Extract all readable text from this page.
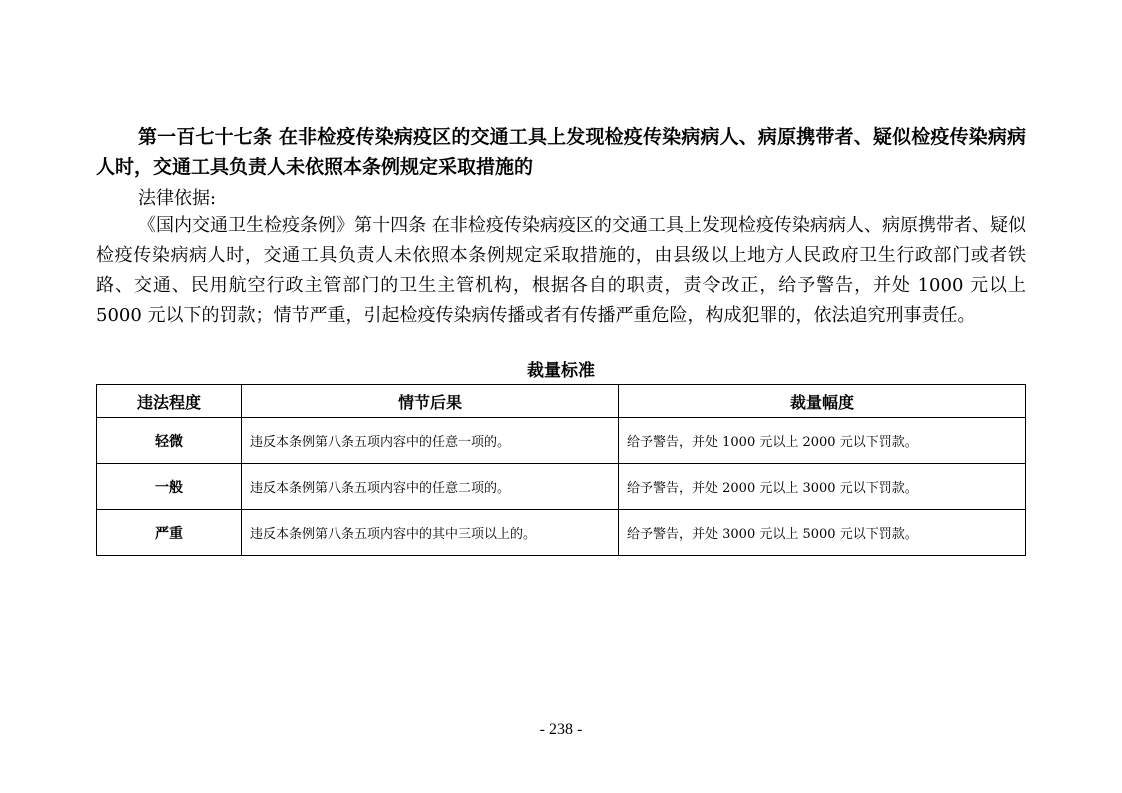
第一百七十七条 在非检疫传染病疫区的交通工具上发现检疫传染病病人、病原携带者、疑似检疫传染病病人时，交通工具负责人未依照本条例规定采取措施的

法律依据:

《国内交通卫生检疫条例》第十四条 在非检疫传染病疫区的交通工具上发现检疫传染病病人、病原携带者、疑似检疫传染病病人时，交通工具负责人未依照本条例规定采取措施的，由县级以上地方人民政府卫生行政部门或者铁路、交通、民用航空行政主管部门的卫生主管机构，根据各自的职责，责令改正，给予警告，并处 1000 元以上 5000 元以下的罚款；情节严重，引起检疫传染病传播或者有传播严重危险，构成犯罪的，依法追究刑事责任。

裁量标准

违法程度	情节后果	裁量幅度
轻微	违反本条例第八条五项内容中的任意一项的。	给予警告，并处 1000 元以上 2000 元以下罚款。
一般	违反本条例第八条五项内容中的任意二项的。	给予警告，并处 2000 元以上 3000 元以下罚款。
严重	违反本条例第八条五项内容中的其中三项以上的。	给予警告，并处 3000 元以上 5000 元以下罚款。

- 238 -
